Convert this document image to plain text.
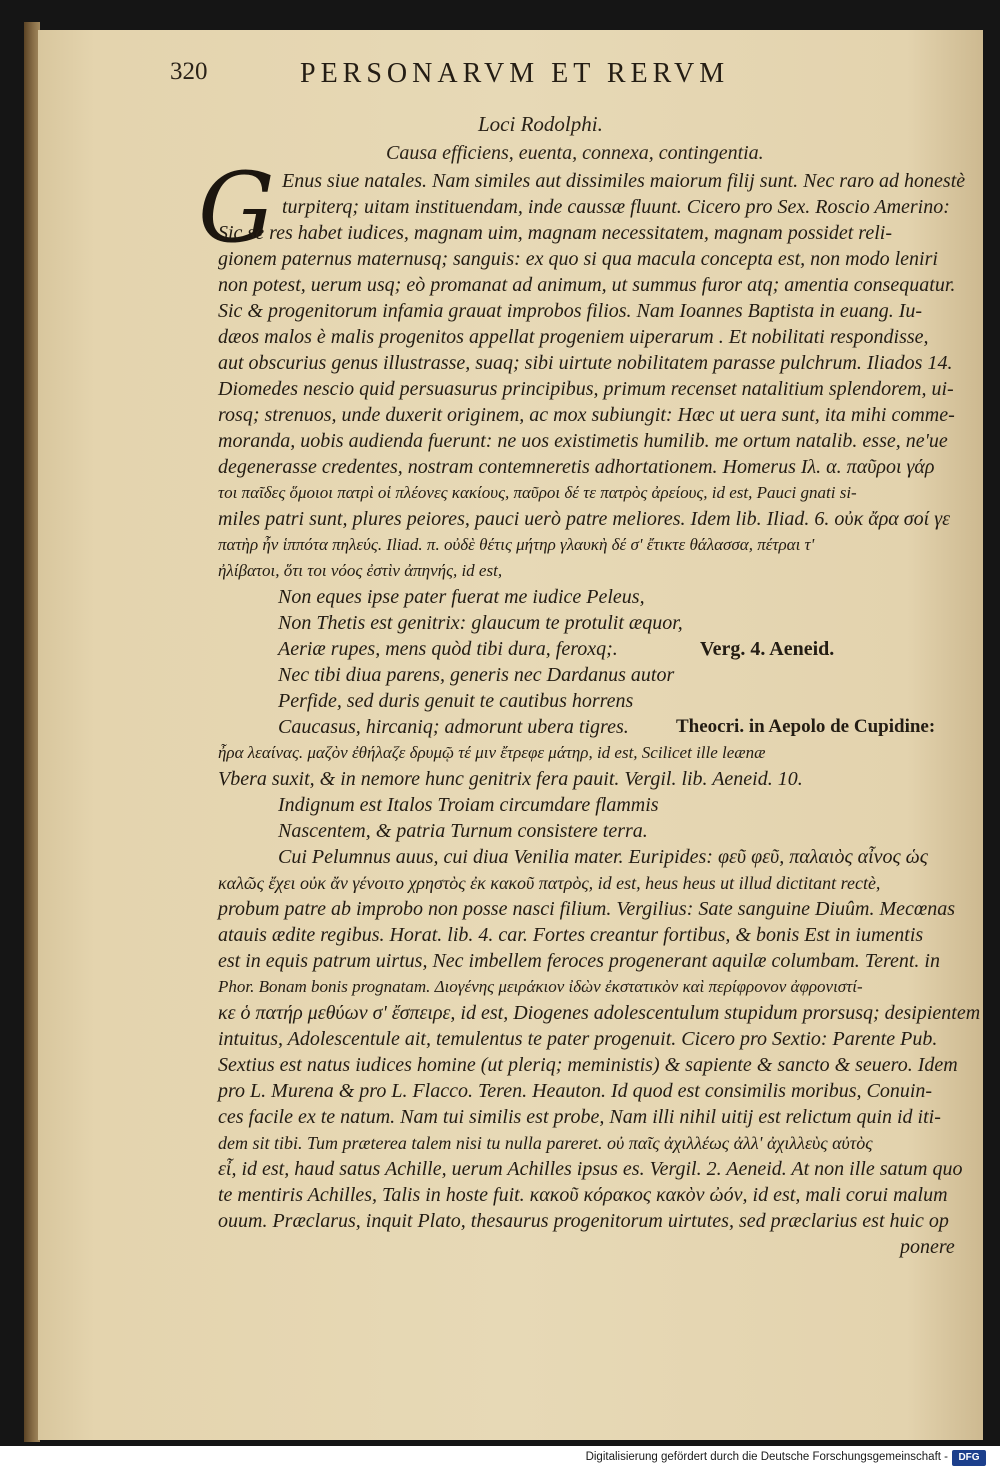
320	PERSONARVM ET RERVM
Loci Rodolphi.
Causa efficiens, euenta, connexa, contingentia.
G Enus siue natales. Nam similes aut dissimiles maiorum filij sunt. Nec raro ad honestè
turpiterq; uitam instituendam, inde caussæ fluunt. Cicero pro Sex. Roscio Amerino:
Sic se res habet iudices, magnam uim, magnam necessitatem, magnam possidet reli-
gionem paternus maternusq; sanguis: ex quo si qua macula concepta est, non modo leniri
non potest, uerum usq; eò promanat ad animum, ut summus furor atq; amentia consequatur.
Sic & progenitorum infamia grauat improbos filios. Nam Ioannes Baptista in euang. Iu-
dæos malos è malis progenitos appellat progeniem uiperarum . Et nobilitati respondisse,
aut obscurius genus illustrasse, suaq; sibi uirtute nobilitatem parasse pulchrum. Iliados 14.
Diomedes nescio quid persuasurus principibus, primum recenset natalitium splendorem, ui-
rosq; strenuos, unde duxerit originem, ac mox subiungit: Hæc ut uera sunt, ita mihi comme-
moranda, uobis audienda fuerunt: ne uos existimetis humilib. me ortum natalib. esse, ne'ue
degenerasse credentes, nostram contemneretis adhortationem. Homerus Ιλ. α. παῦροι γάρ
τοι παῖδες ὅμοιοι πατρὶ οἱ πλέονες κακίους, παῦροι δέ τε πατρὸς ἀρείους, id est, Pauci gnati si-
miles patri sunt, plures peiores, pauci uerò patre meliores. Idem lib. Iliad. 6. οὐκ ἄρα σοί γε
πατὴρ ἦν ἱππότα πηλεύς. Iliad. π. οὐδὲ θέτις μήτηρ γλαυκὴ δέ σ' ἔτικτε θάλασσα, πέτραι τ'
ἠλίβατοι, ὅτι τοι νόος ἐστὶν ἀπηνής, id est,
Non eques ipse pater fuerat me iudice Peleus,
Non Thetis est genitrix: glaucum te protulit æquor,
Aeriæ rupes, mens quòd tibi dura, feroxq;.
Nec tibi diua parens, generis nec Dardanus autor
Perfide, sed duris genuit te cautibus horrens
Caucasus, hircaniq; admorunt ubera tigres.
ἦρα λεαίνας. μαζὸν ἐθήλαζε δρυμῷ τέ μιν ἔτρεφε μάτηρ, id est, Scilicet ille leænæ
Vbera suxit, & in nemore hunc genitrix fera pauit. Vergil. lib. Aeneid. 10.
Indignum est Italos Troiam circumdare flammis
Nascentem, & patria Turnum consistere terra.
Cui Pelumnus auus, cui diua Venilia mater. Euripides: φεῦ φεῦ, παλαιὸς αἶνος ὡς
καλῶς ἔχει οὐκ ἄν γένοιτο χρηστὸς ἐκ κακοῦ πατρὸς, id est, heus heus ut illud dictitant rectè,
probum patre ab improbo non posse nasci filium. Vergilius: Sate sanguine Diuûm. Mecœnas
atauis ædite regibus. Horat. lib. 4. car. Fortes creantur fortibus, & bonis Est in iumentis
est in equis patrum uirtus, Nec imbellem feroces progenerant aquilæ columbam. Terent. in
Phor. Bonam bonis prognatam. Διογένης μειράκιον ἰδὼν ἐκστατικὸν καὶ περίφρονον ἀφρονιστί-
κε ὁ πατήρ μεθύων σ' ἔσπειρε, id est, Diogenes adolescentulum stupidum prorsusq; desipientem
intuitus, Adolescentule ait, temulentus te pater progenuit. Cicero pro Sextio: Parente Pub.
Sextius est natus iudices homine (ut pleriq; meministis) & sapiente & sancto & seuero. Idem
pro L. Murena & pro L. Flacco. Teren. Heauton. Id quod est consimilis moribus, Conuin-
ces facile ex te natum. Nam tui similis est probe, Nam illi nihil uitij est relictum quin id iti-
dem sit tibi. Tum præterea talem nisi tu nulla pareret. οὐ παῖς ἀχιλλέως ἀλλ' ἀχιλλεὺς αὐτὸς
εἶ, id est, haud satus Achille, uerum Achilles ipsus es. Vergil. 2. Aeneid. At non ille satum quo
te mentiris Achilles, Talis in hoste fuit. κακοῦ κόρακος κακὸν ὠόν, id est, mali corui malum
ouum. Præclarus, inquit Plato, thesaurus progenitorum uirtutes, sed præclarius est huic op
ponere
Verg. 4. Aeneid.
Theocri. in Aepolo de Cupidine:
Digitalisierung gefördert durch die Deutsche Forschungsgemeinschaft -	DFG
